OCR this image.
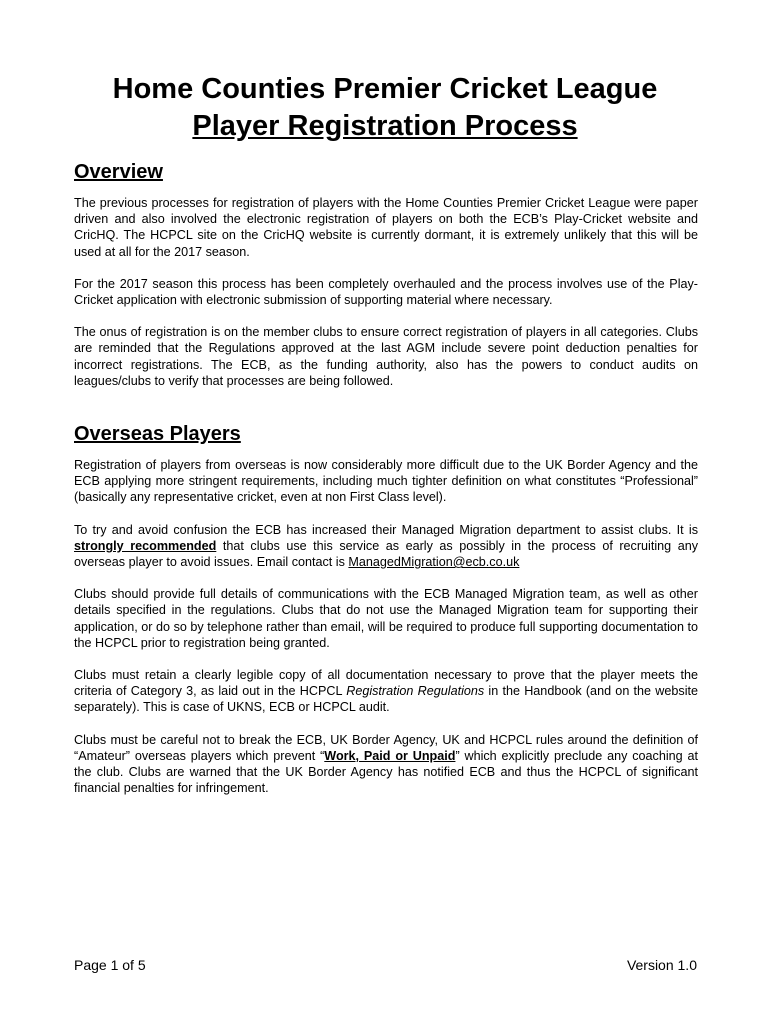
Home Counties Premier Cricket League
Player Registration Process
Overview

The previous processes for registration of players with the Home Counties Premier Cricket League were paper driven and also involved the electronic registration of players on both the ECB’s Play-Cricket website and CricHQ. The HCPCL site on the CricHQ website is currently dormant, it is extremely unlikely that this will be used at all for the 2017 season.

For the 2017 season this process has been completely overhauled and the process involves use of the Play-Cricket application with electronic submission of supporting material where necessary.

The onus of registration is on the member clubs to ensure correct registration of players in all categories. Clubs are reminded that the Regulations approved at the last AGM include severe point deduction penalties for incorrect registrations. The ECB, as the funding authority, also has the powers to conduct audits on leagues/clubs to verify that processes are being followed.

Overseas Players

Registration of players from overseas is now considerably more difficult due to the UK Border Agency and the ECB applying more stringent requirements, including much tighter definition on what constitutes “Professional” (basically any representative cricket, even at non First Class level).

To try and avoid confusion the ECB has increased their Managed Migration department to assist clubs. It is strongly recommended that clubs use this service as early as possibly in the process of recruiting any overseas player to avoid issues. Email contact is ManagedMigration@ecb.co.uk

Clubs should provide full details of communications with the ECB Managed Migration team, as well as other details specified in the regulations. Clubs that do not use the Managed Migration team for supporting their application, or do so by telephone rather than email, will be required to produce full supporting documentation to the HCPCL prior to registration being granted.

Clubs must retain a clearly legible copy of all documentation necessary to prove that the player meets the criteria of Category 3, as laid out in the HCPCL Registration Regulations in the Handbook (and on the website separately). This is case of UKNS, ECB or HCPCL audit.

Clubs must be careful not to break the ECB, UK Border Agency, UK and HCPCL rules around the definition of “Amateur” overseas players which prevent “Work, Paid or Unpaid” which explicitly preclude any coaching at the club. Clubs are warned that the UK Border Agency has notified ECB and thus the HCPCL of significant financial penalties for infringement.

Page 1 of 5	Version 1.0
